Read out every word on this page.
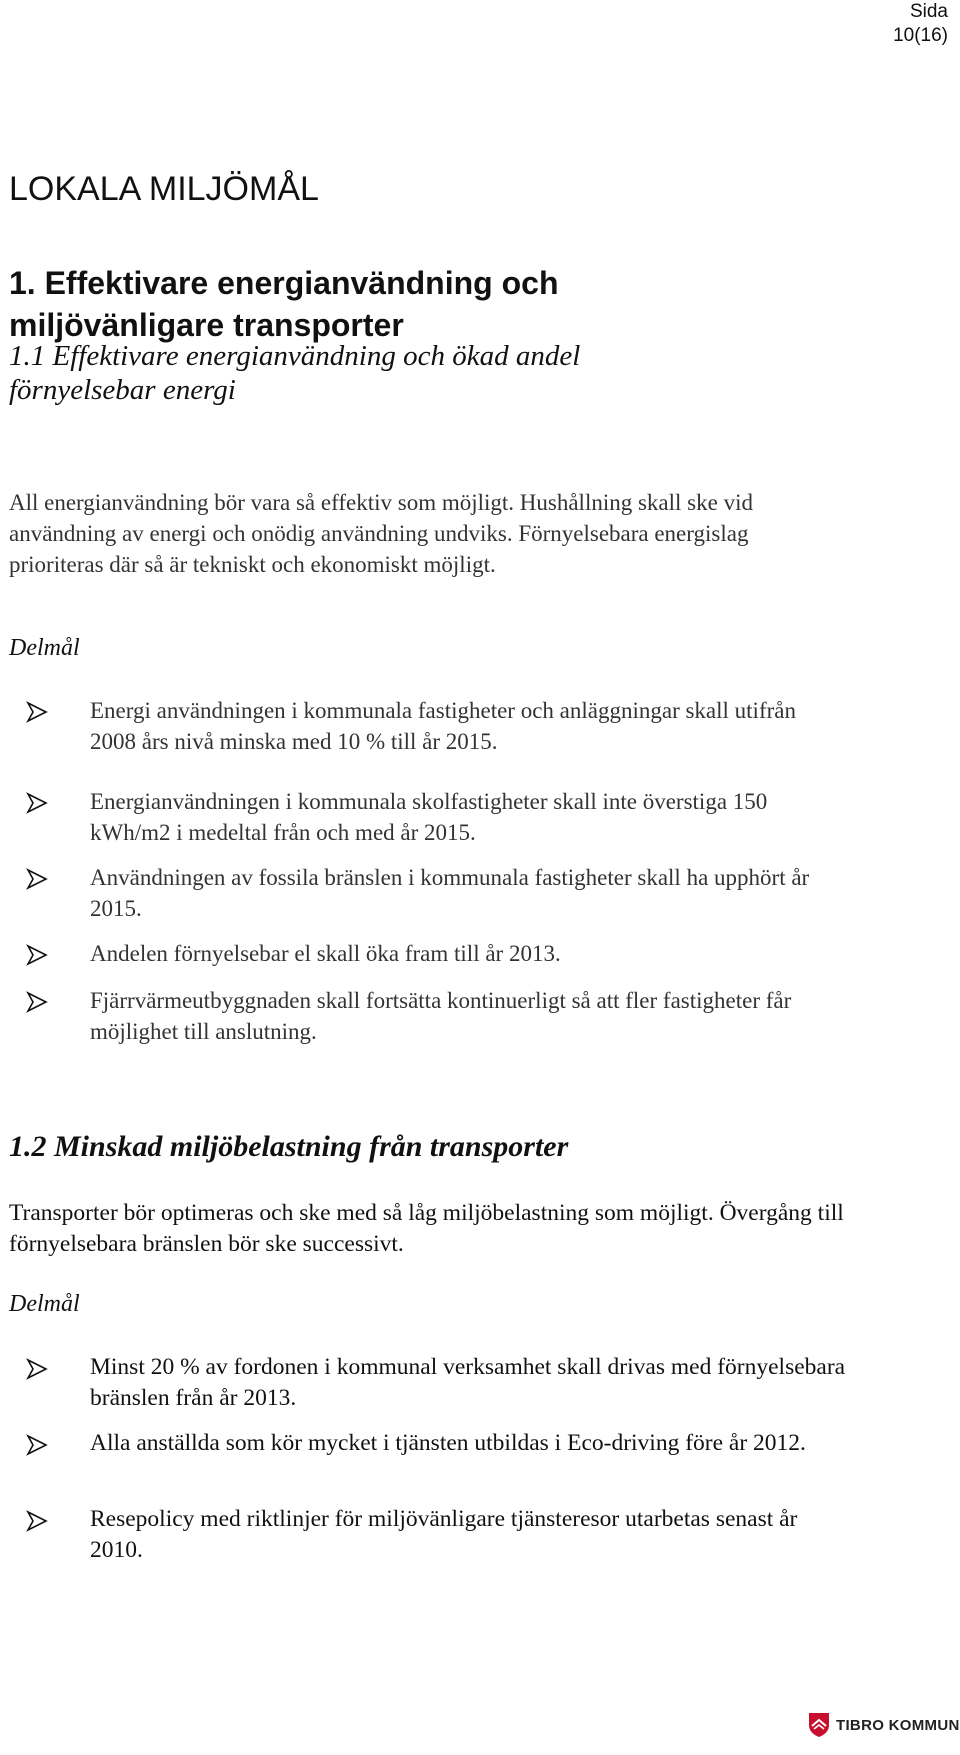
Sida
10(16)
LOKALA MILJÖMÅL
1. Effektivare energianvändning och miljövänligare transporter
1.1 Effektivare energianvändning och ökad andel förnyelsebar energi

All energianvändning bör vara så effektiv som möjligt. Hushållning skall ske vid användning av energi och onödig användning undviks. Förnyelsebara energislag prioriteras där så är tekniskt och ekonomiskt möjligt.

Delmål

Energi användningen i kommunala fastigheter och anläggningar skall utifrån 2008 års nivå minska med 10 % till år 2015.
Energianvändningen i kommunala skolfastigheter skall inte överstiga 150 kWh/m2 i medeltal från och med år 2015.
Användningen av fossila bränslen i kommunala fastigheter skall ha upphört år 2015.
Andelen förnyelsebar el skall öka fram till år 2013.
Fjärrvärmeutbyggnaden skall fortsätta kontinuerligt så att fler fastigheter får möjlighet till anslutning.
1.2 Minskad miljöbelastning från transporter

Transporter bör optimeras och ske med så låg miljöbelastning som möjligt. Övergång till förnyelsebara bränslen bör ske successivt.

Delmål

Minst 20 % av fordonen i kommunal verksamhet skall drivas med förnyelsebara bränslen från år 2013.
Alla anställda som kör mycket i tjänsten utbildas i Eco-driving före år 2012.
Resepolicy med riktlinjer för miljövänligare tjänsteresor utarbetas senast år 2010.
TIBRO KOMMUN
